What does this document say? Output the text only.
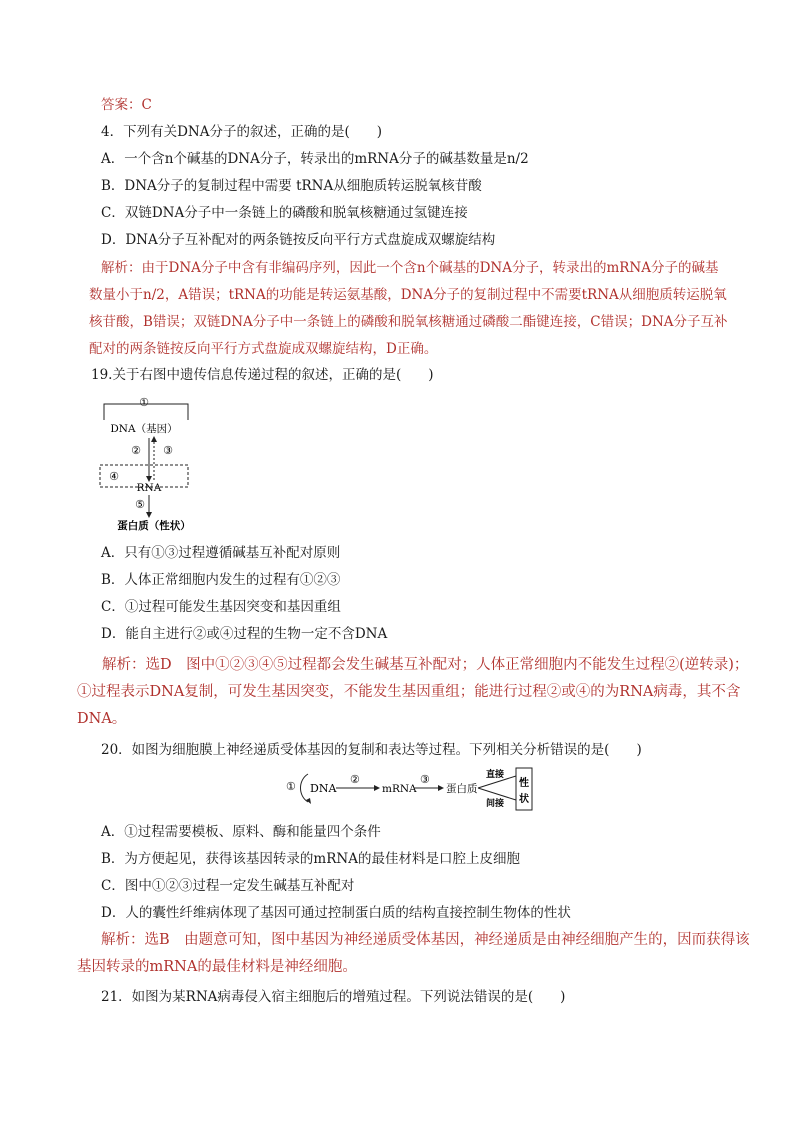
答案：C
4．下列有关DNA分子的叙述，正确的是(　　)
A．一个含n个碱基的DNA分子，转录出的mRNA分子的碱基数量是n/2
B．DNA分子的复制过程中需要 tRNA从细胞质转运脱氧核苷酸
C．双链DNA分子中一条链上的磷酸和脱氧核糖通过氢键连接
D．DNA分子互补配对的两条链按反向平行方式盘旋成双螺旋结构
解析：由于DNA分子中含有非编码序列，因此一个含n个碱基的DNA分子，转录出的mRNA分子的碱基
数量小于n/2，A错误；tRNA的功能是转运氨基酸，DNA分子的复制过程中不需要tRNA从细胞质转运脱氧
核苷酸，B错误；双链DNA分子中一条链上的磷酸和脱氧核糖通过磷酸二酯键连接，C错误；DNA分子互补
配对的两条链按反向平行方式盘旋成双螺旋结构，D正确。
19.关于右图中遗传信息传递过程的叙述，正确的是(　　)
①
DNA（基因）
② ③
④
RNA
⑤
蛋白质（性状）
A．只有①③过程遵循碱基互补配对原则
B．人体正常细胞内发生的过程有①②③
C．①过程可能发生基因突变和基因重组
D．能自主进行②或④过程的生物一定不含DNA
解析：选D　图中①②③④⑤过程都会发生碱基互补配对；人体正常细胞内不能发生过程②(逆转录)；
①过程表示DNA复制，可发生基因突变，不能发生基因重组；能进行过程②或④的为RNA病毒，其不含
DNA。
20．如图为细胞膜上神经递质受体基因的复制和表达等过程。下列相关分析错误的是(　　)
① DNA
②
mRNA
③
蛋白质
直接
间接
性
状
A．①过程需要模板、原料、酶和能量四个条件
B．为方便起见，获得该基因转录的mRNA的最佳材料是口腔上皮细胞
C．图中①②③过程一定发生碱基互补配对
D．人的囊性纤维病体现了基因可通过控制蛋白质的结构直接控制生物体的性状
解析：选B　由题意可知，图中基因为神经递质受体基因，神经递质是由神经细胞产生的，因而获得该
基因转录的mRNA的最佳材料是神经细胞。
21．如图为某RNA病毒侵入宿主细胞后的增殖过程。下列说法错误的是(　　)
